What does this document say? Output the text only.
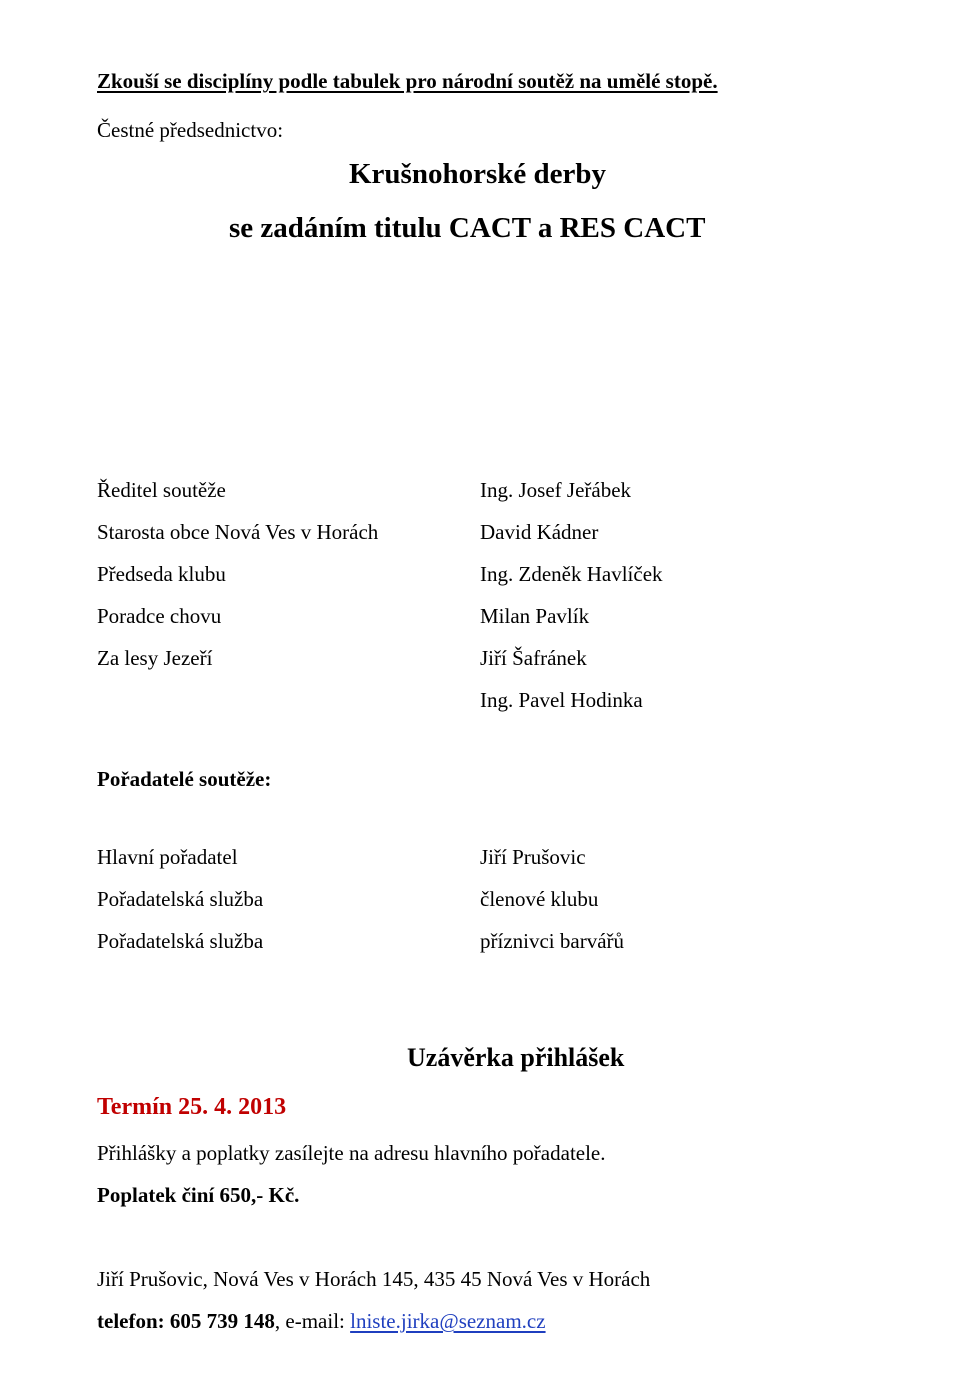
Krušnohorské derby
se zadáním titulu CACT a RES CACT
Zkouší se disciplíny podle tabulek pro národní soutěž na umělé stopě.
Čestné předsednictvo:
Ředitel soutěže
Starosta obce Nová Ves v Horách
Předseda klubu
Poradce chovu
Za lesy Jezeří
Ing. Josef Jeřábek
David Kádner
Ing. Zdeněk Havlíček
Milan Pavlík
Jiří Šafránek
Ing. Pavel Hodinka
Pořadatelé soutěže:
Hlavní pořadatel
Pořadatelská služba
Pořadatelská služba
Jiří Prušovic
členové klubu
příznivci barvářů
Uzávěrka přihlášek
Termín 25. 4. 2013
Přihlášky a poplatky zasílejte na adresu hlavního pořadatele.
Poplatek činí 650,- Kč.
Jiří Prušovic, Nová Ves v Horách 145, 435 45 Nová Ves v Horách
telefon: 605 739 148, e-mail: lniste.jirka@seznam.cz
